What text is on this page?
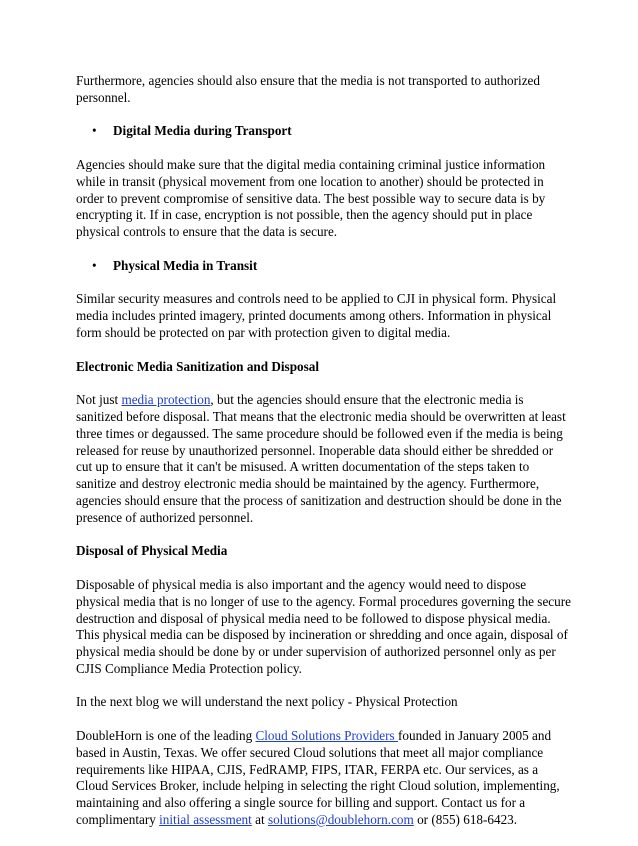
Furthermore, agencies should also ensure that the media is not transported to authorized personnel.

• Digital Media during Transport

Agencies should make sure that the digital media containing criminal justice information while in transit (physical movement from one location to another) should be protected in order to prevent compromise of sensitive data. The best possible way to secure data is by encrypting it. If in case, encryption is not possible, then the agency should put in place physical controls to ensure that the data is secure.

• Physical Media in Transit

Similar security measures and controls need to be applied to CJI in physical form. Physical media includes printed imagery, printed documents among others. Information in physical form should be protected on par with protection given to digital media.

Electronic Media Sanitization and Disposal

Not just media protection, but the agencies should ensure that the electronic media is sanitized before disposal. That means that the electronic media should be overwritten at least three times or degaussed. The same procedure should be followed even if the media is being released for reuse by unauthorized personnel. Inoperable data should either be shredded or cut up to ensure that it can't be misused. A written documentation of the steps taken to sanitize and destroy electronic media should be maintained by the agency. Furthermore, agencies should ensure that the process of sanitization and destruction should be done in the presence of authorized personnel.

Disposal of Physical Media

Disposable of physical media is also important and the agency would need to dispose physical media that is no longer of use to the agency. Formal procedures governing the secure destruction and disposal of physical media need to be followed to dispose physical media. This physical media can be disposed by incineration or shredding and once again, disposal of physical media should be done by or under supervision of authorized personnel only as per CJIS Compliance Media Protection policy.

In the next blog we will understand the next policy - Physical Protection

DoubleHorn is one of the leading Cloud Solutions Providers founded in January 2005 and based in Austin, Texas. We offer secured Cloud solutions that meet all major compliance requirements like HIPAA, CJIS, FedRAMP, FIPS, ITAR, FERPA etc. Our services, as a Cloud Services Broker, include helping in selecting the right Cloud solution, implementing, maintaining and also offering a single source for billing and support. Contact us for a complimentary initial assessment at solutions@doublehorn.com or (855) 618-6423.
